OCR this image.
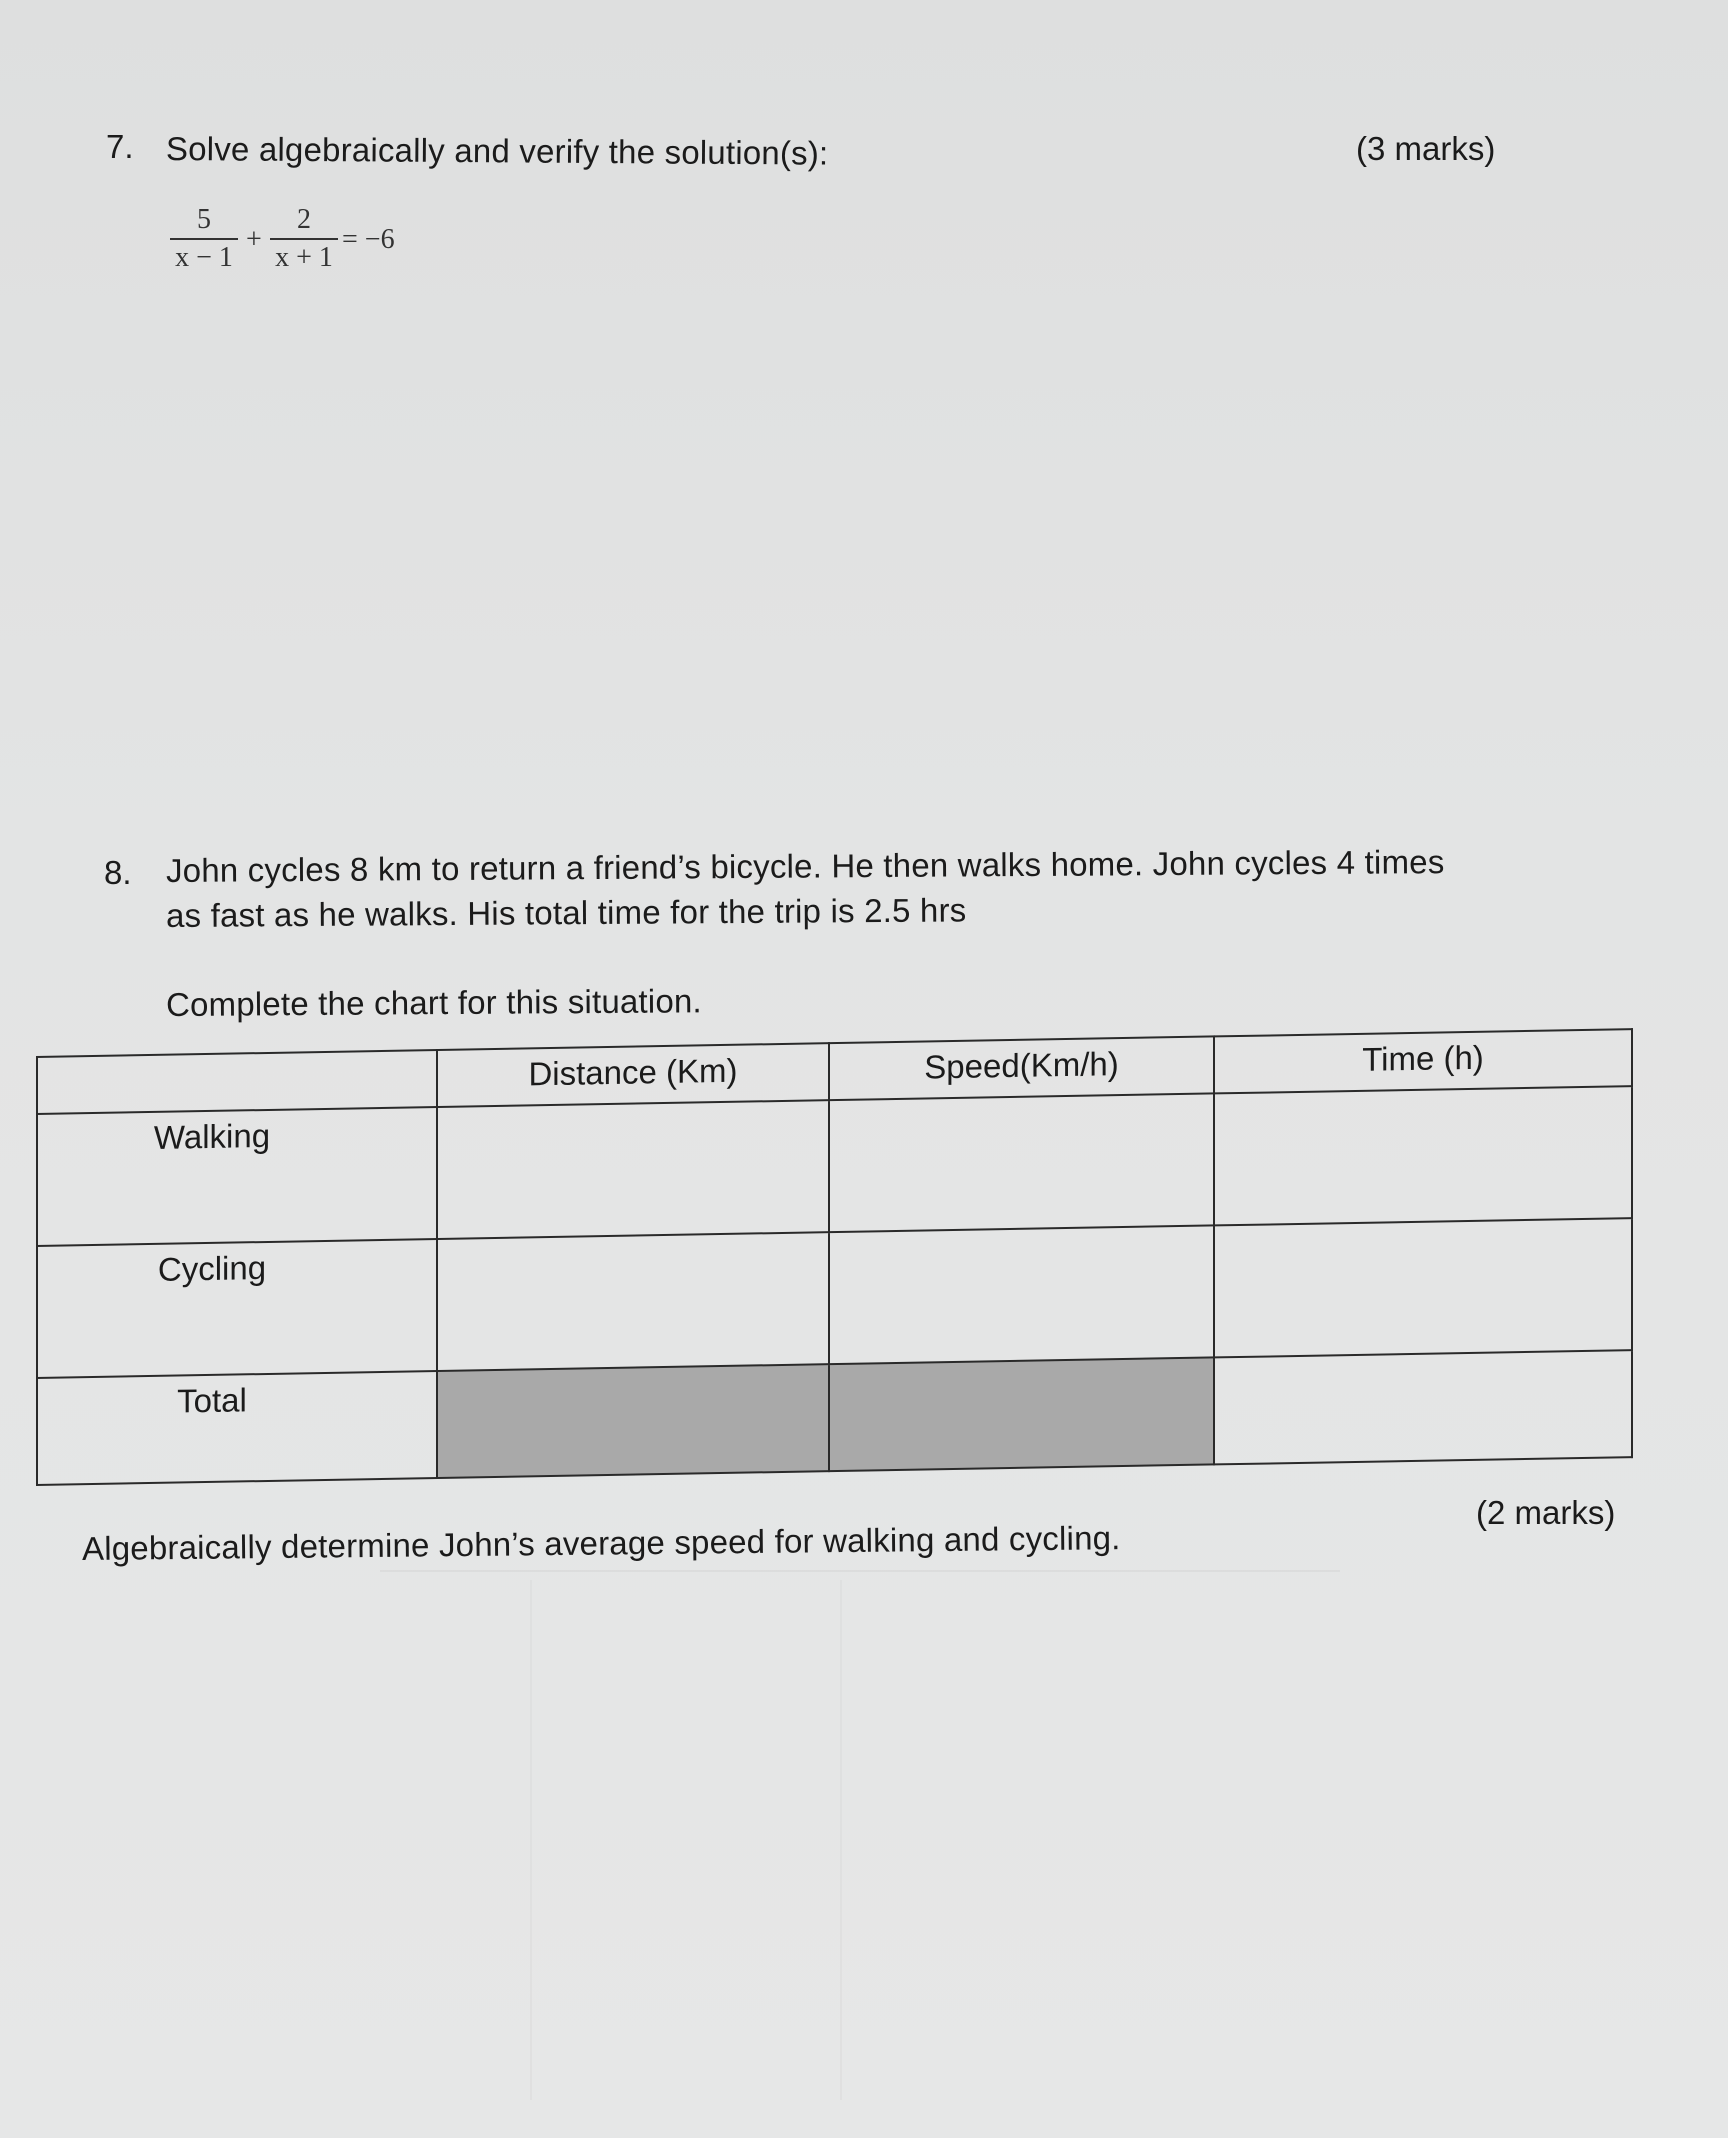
7. Solve algebraically and verify the solution(s):	(3 marks)
5
x − 1
+
2
x + 1
= −6
8. John cycles 8 km to return a friend’s bicycle. He then walks home. John cycles 4 times
as fast as he walks. His total time for the trip is 2.5 hrs
Complete the chart for this situation.
	Distance (Km)	Speed(Km/h)	Time (h)
Walking			
Cycling			
Total			
Algebraically determine John’s average speed for walking and cycling.
(2 marks)
